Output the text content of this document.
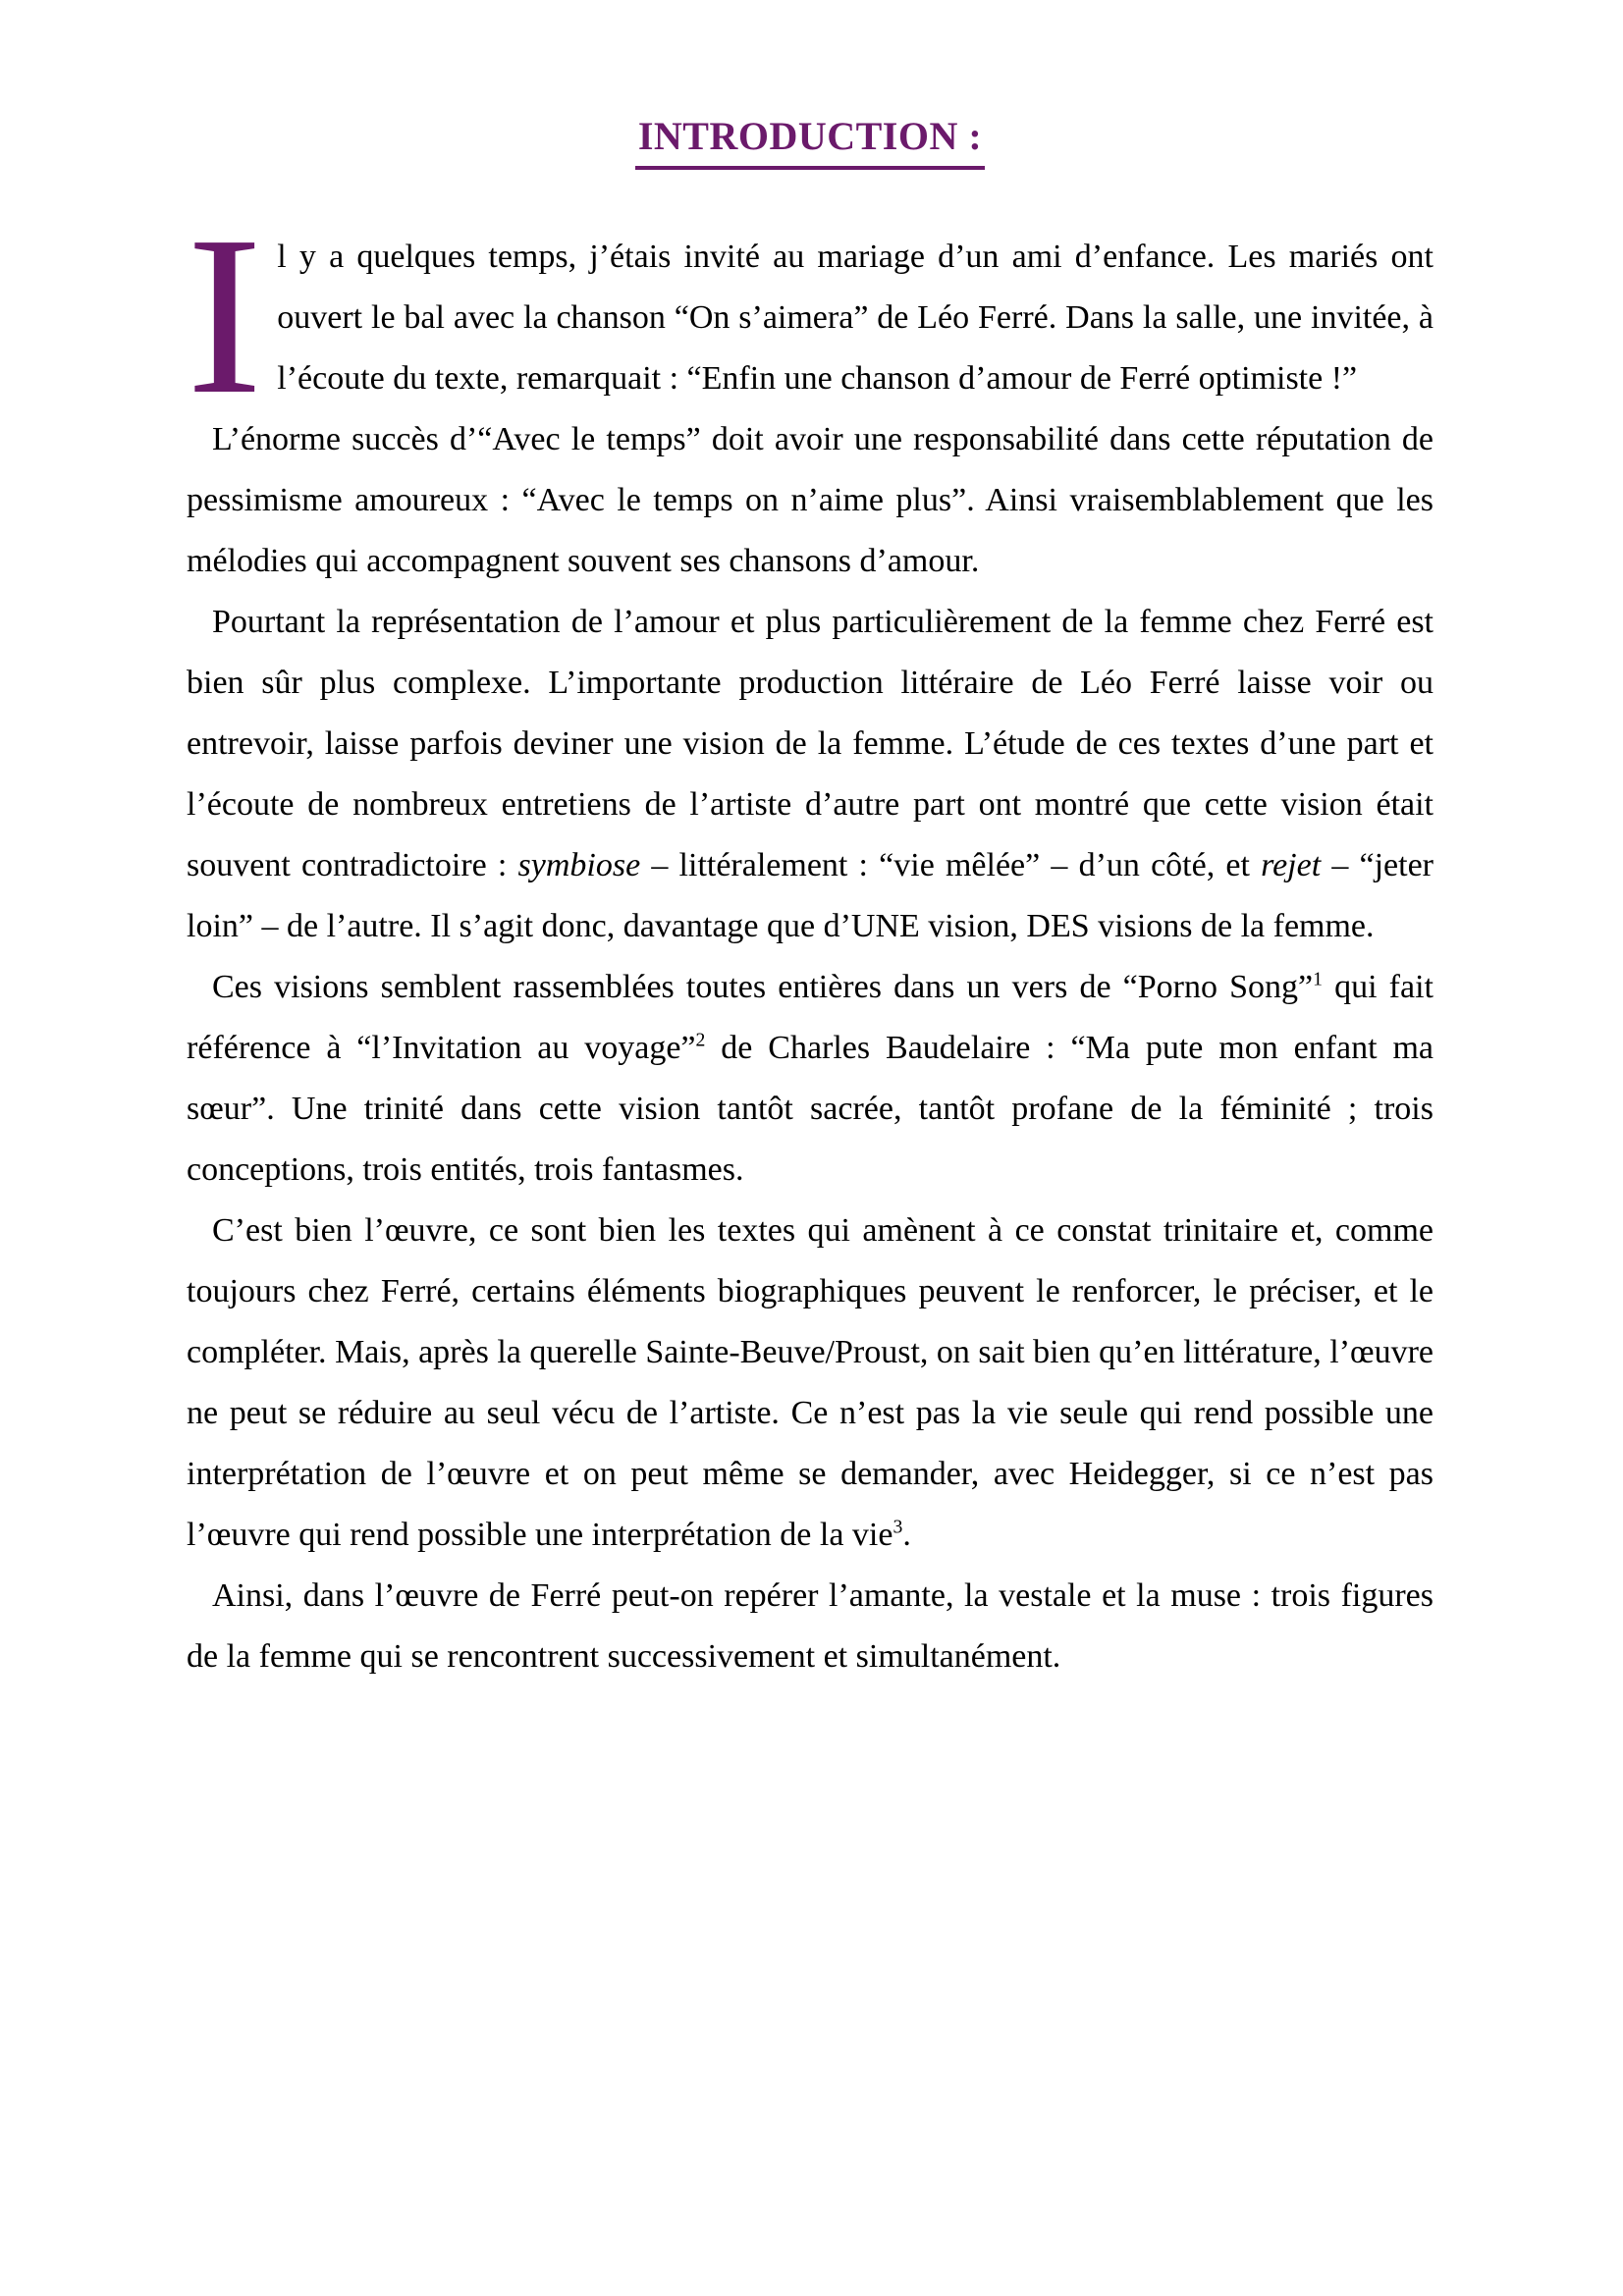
INTRODUCTION :

Il y a quelques temps, j’étais invité au mariage d’un ami d’enfance. Les mariés ont ouvert le bal avec la chanson “On s’aimera” de Léo Ferré. Dans la salle, une invitée, à l’écoute du texte, remarquait : “Enfin une chanson d’amour de Ferré optimiste !”

L’énorme succès d’“Avec le temps” doit avoir une responsabilité dans cette réputation de pessimisme amoureux : “Avec le temps on n’aime plus”. Ainsi vraisemblablement que les mélodies qui accompagnent souvent ses chansons d’amour.

Pourtant la représentation de l’amour et plus particulièrement de la femme chez Ferré est bien sûr plus complexe. L’importante production littéraire de Léo Ferré laisse voir ou entrevoir, laisse parfois deviner une vision de la femme. L’étude de ces textes d’une part et l’écoute de nombreux entretiens de l’artiste d’autre part ont montré que cette vision était souvent contradictoire : symbiose – littéralement : “vie mêlée” – d’un côté, et rejet – “jeter loin” – de l’autre. Il s’agit donc, davantage que d’UNE vision, DES visions de la femme.

Ces visions semblent rassemblées toutes entières dans un vers de “Porno Song”$^1$ qui fait référence à “l’Invitation au voyage”$^2$ de Charles Baudelaire : “Ma pute mon enfant ma sœur”. Une trinité dans cette vision tantôt sacrée, tantôt profane de la féminité ; trois conceptions, trois entités, trois fantasmes.

C’est bien l’œuvre, ce sont bien les textes qui amènent à ce constat trinitaire et, comme toujours chez Ferré, certains éléments biographiques peuvent le renforcer, le préciser, et le compléter. Mais, après la querelle Sainte-Beuve/Proust, on sait bien qu’en littérature, l’œuvre ne peut se réduire au seul vécu de l’artiste. Ce n’est pas la vie seule qui rend possible une interprétation de l’œuvre et on peut même se demander, avec Heidegger, si ce n’est pas l’œuvre qui rend possible une interprétation de la vie$^3$.

Ainsi, dans l’œuvre de Ferré peut-on repérer l’amante, la vestale et la muse : trois figures de la femme qui se rencontrent successivement et simultanément.
